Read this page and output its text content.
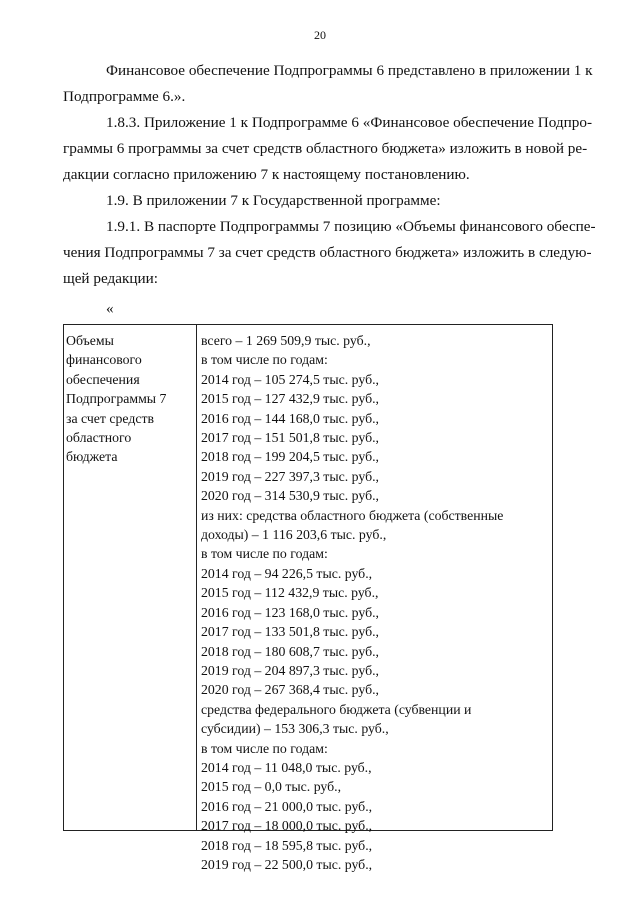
20

Финансовое обеспечение Подпрограммы 6 представлено в приложении 1 к
Подпрограмме 6.».

1.8.3. Приложение 1 к Подпрограмме 6 «Финансовое обеспечение Подпро-
граммы 6 программы за счет средств областного бюджета» изложить в новой ре-
дакции согласно приложению 7 к настоящему постановлению.

1.9. В приложении 7 к Государственной программе:

1.9.1. В паспорте Подпрограммы 7 позицию «Объемы финансового обеспе-
чения Подпрограммы 7 за счет средств областного бюджета» изложить в следую-
щей редакции:

«
Объемы
финансового
обеспечения
Подпрограммы 7
за счет средств
областного
бюджета
всего – 1 269 509,9 тыс. руб.,
в том числе по годам:
2014 год – 105 274,5 тыс. руб.,
2015 год – 127 432,9 тыс. руб.,
2016 год – 144 168,0 тыс. руб.,
2017 год – 151 501,8 тыс. руб.,
2018 год – 199 204,5 тыс. руб.,
2019 год – 227 397,3 тыс. руб.,
2020 год – 314 530,9 тыс. руб.,
из них: средства областного бюджета (собственные
доходы) – 1 116 203,6 тыс. руб.,
в том числе по годам:
2014 год – 94 226,5 тыс. руб.,
2015 год – 112 432,9 тыс. руб.,
2016 год – 123 168,0 тыс. руб.,
2017 год – 133 501,8 тыс. руб.,
2018 год – 180 608,7 тыс. руб.,
2019 год – 204 897,3 тыс. руб.,
2020 год – 267 368,4 тыс. руб.,
средства федерального бюджета (субвенции и
субсидии) – 153 306,3 тыс. руб.,
в том числе по годам:
2014 год – 11 048,0 тыс. руб.,
2015 год – 0,0 тыс. руб.,
2016 год – 21 000,0 тыс. руб.,
2017 год – 18 000,0 тыс. руб.,
2018 год – 18 595,8 тыс. руб.,
2019 год – 22 500,0 тыс. руб.,
